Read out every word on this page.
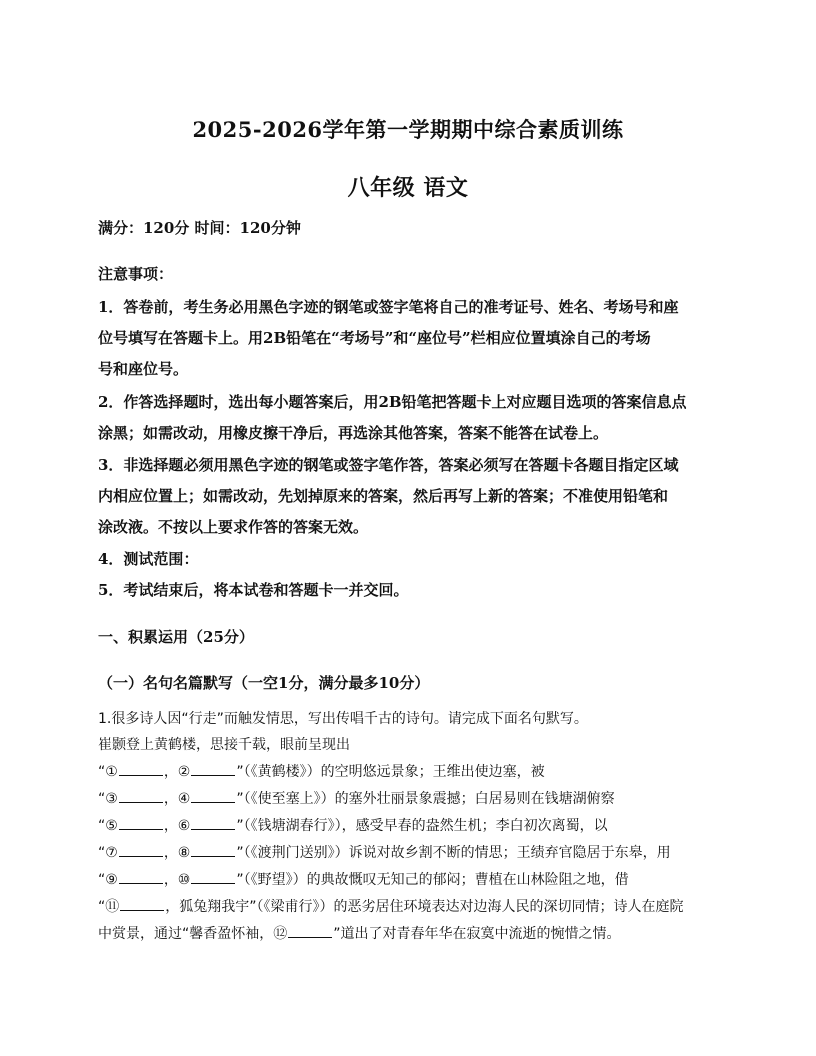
2025-2026学年第一学期期中综合素质训练
八年级 语文
满分：120分 时间：120分钟
注意事项：
1．答卷前，考生务必用黑色字迹的钢笔或签字笔将自己的准考证号、姓名、考场号和座
位号填写在答题卡上。用2B铅笔在“考场号”和“座位号”栏相应位置填涂自己的考场
号和座位号。
2．作答选择题时，选出每小题答案后，用2B铅笔把答题卡上对应题目选项的答案信息点
涂黑；如需改动，用橡皮擦干净后，再选涂其他答案，答案不能答在试卷上。
3．非选择题必须用黑色字迹的钢笔或签字笔作答，答案必须写在答题卡各题目指定区域
内相应位置上；如需改动，先划掉原来的答案，然后再写上新的答案；不准使用铅笔和
涂改液。不按以上要求作答的答案无效。
4．测试范围：
5．考试结束后，将本试卷和答题卡一并交回。
一、积累运用（25分）
（一）名句名篇默写（一空1分，满分最多10分）
1.很多诗人因“行走”而触发情思，写出传唱千古的诗句。请完成下面名句默写。
崔颢登上黄鹤楼，思接千载，眼前呈现出
“①	，②	”（《黄鹤楼》）的空明悠远景象；王维出使边塞，被
“③	，④	”（《使至塞上》）的塞外壮丽景象震撼；白居易则在钱塘湖俯察
“⑤	，⑥	”（《钱塘湖春行》），感受早春的盎然生机；李白初次离蜀，以
“⑦	，⑧	”（《渡荆门送别》）诉说对故乡割不断的情思；王绩弃官隐居于东皋，用
“⑨	，⑩	”（《野望》）的典故慨叹无知己的郁闷；曹植在山林险阻之地，借
“⑪	，狐兔翔我宇”（《梁甫行》）的恶劣居住环境表达对边海人民的深切同情；诗人在庭院
中赏景，通过“馨香盈怀袖，⑫	”道出了对青春年华在寂寞中流逝的惋惜之情。
